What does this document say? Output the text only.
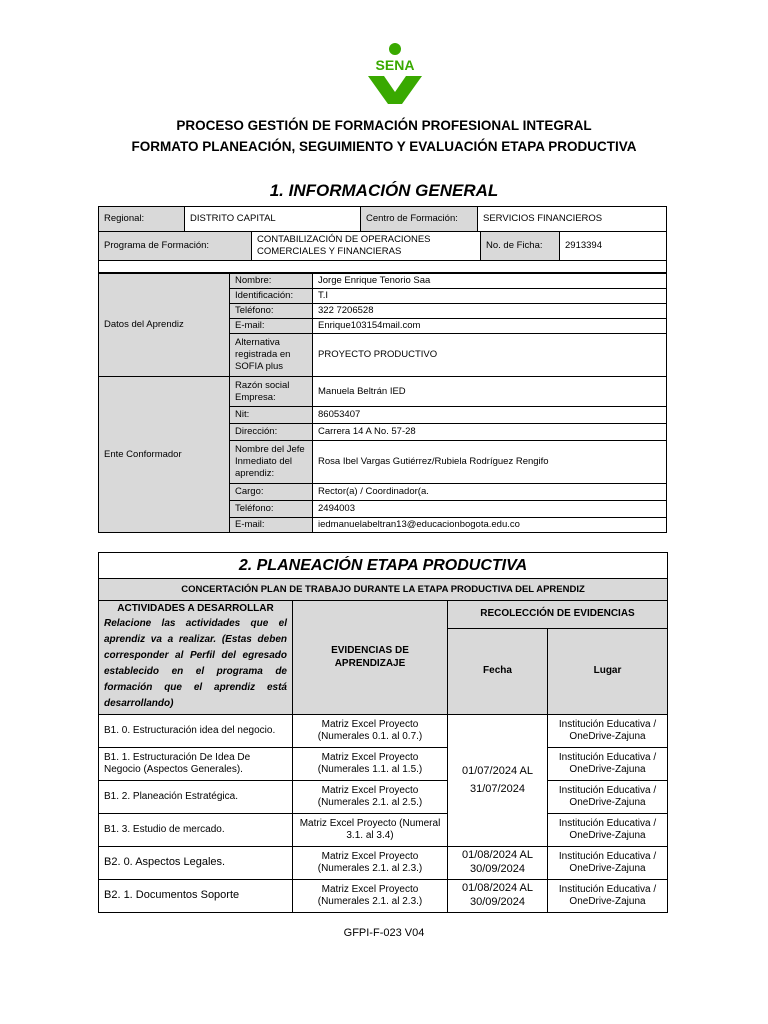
SENA
PROCESO GESTIÓN DE FORMACIÓN PROFESIONAL INTEGRAL
FORMATO PLANEACIÓN, SEGUIMIENTO Y EVALUACIÓN ETAPA PRODUCTIVA
1. INFORMACIÓN GENERAL
Regional:	DISTRITO CAPITAL	Centro de Formación:	SERVICIOS FINANCIEROS
Programa de Formación:	CONTABILIZACIÓN DE OPERACIONES COMERCIALES Y FINANCIERAS	No. de Ficha:	2913394

Datos del Aprendiz	Nombre:	Jorge Enrique Tenorio Saa
	Identificación:	T.I
	Teléfono:	322 7206528
	E-mail:	Enrique103154mail.com
	Alternativa registrada en SOFIA plus	PROYECTO PRODUCTIVO
Ente Conformador	Razón social Empresa:	Manuela Beltrán IED
	Nit:	86053407
	Dirección:	Carrera 14 A No. 57-28
	Nombre del Jefe Inmediato del aprendiz:	Rosa Ibel Vargas Gutiérrez/Rubiela Rodríguez Rengifo
	Cargo:	Rector(a) / Coordinador(a.
	Teléfono:	2494003
	E-mail:	iedmanuelabeltran13@educacionbogota.edu.co
2. PLANEACIÓN ETAPA PRODUCTIVA			
CONCERTACIÓN PLAN DE TRABAJO DURANTE LA ETAPA PRODUCTIVA DEL APRENDIZ			

ACTIVIDADES A DESARROLLAR
Relacione las actividades que el aprendiz va a realizar. (Estas deben corresponder al Perfil del egresado establecido en el programa de formación que el aprendiz está desarrollando)	EVIDENCIAS DE APRENDIZAJE	RECOLECCIÓN DE EVIDENCIAS	
		Fecha	Lugar
B1. 0. Estructuración idea del negocio.	Matriz Excel Proyecto (Numerales 0.1. al 0.7.)	01/07/2024 AL 31/07/2024	Institución Educativa / OneDrive-Zajuna
B1. 1. Estructuración De Idea De Negocio (Aspectos Generales).	Matriz Excel Proyecto (Numerales 1.1. al 1.5.)		Institución Educativa / OneDrive-Zajuna
B1. 2. Planeación Estratégica.	Matriz Excel Proyecto (Numerales 2.1. al 2.5.)		Institución Educativa / OneDrive-Zajuna
B1. 3. Estudio de mercado.	Matriz Excel Proyecto (Numeral 3.1. al 3.4)		Institución Educativa / OneDrive-Zajuna
B2. 0. Aspectos Legales.	Matriz Excel Proyecto (Numerales 2.1. al 2.3.)	01/08/2024 AL 30/09/2024	Institución Educativa / OneDrive-Zajuna
B2. 1. Documentos Soporte	Matriz Excel Proyecto (Numerales 2.1. al 2.3.)	01/08/2024 AL 30/09/2024	Institución Educativa / OneDrive-Zajuna
GFPI-F-023 V04
